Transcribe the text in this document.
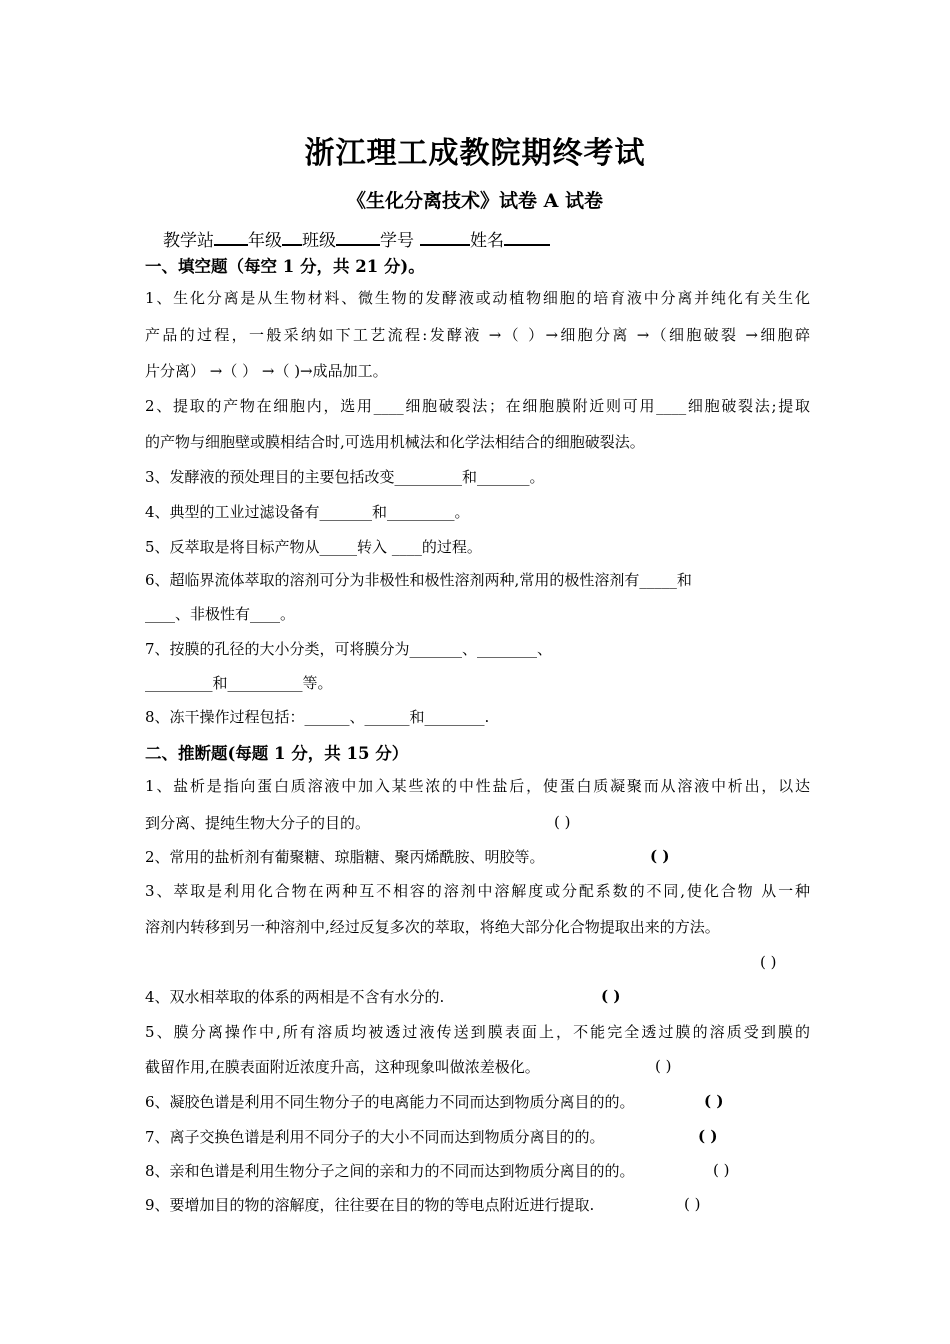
浙江理工成教院期终考试
《生化分离技术》试卷 A 试卷
教学站 年级 班级	学号	姓名
一、填空题（每空 1 分，共 21 分)。
1、生化分离是从生物材料、微生物的发酵液或动植物细胞的培育液中分离并纯化有关生化
产品的过程，一般采纳如下工艺流程:发酵液 →（ ）→细胞分离 →（细胞破裂 →细胞碎
片分离） →（ ） →（ )→成品加工。
2、提取的产物在细胞内，选用____细胞破裂法；在细胞膜附近则可用____细胞破裂法;提取
的产物与细胞壁或膜相结合时,可选用机械法和化学法相结合的细胞破裂法。
3、发酵液的预处理目的主要包括改变_________和_______。
4、典型的工业过滤设备有_______和_________。
5、反萃取是将目标产物从_____转入 ____的过程。
6、超临界流体萃取的溶剂可分为非极性和极性溶剂两种,常用的极性溶剂有_____和
____、非极性有____。
7、按膜的孔径的大小分类，可将膜分为_______、________、
_________和__________等。
8、冻干操作过程包括：______、______和________.
二、推断题(每题 1 分，共 15 分）
1、盐析是指向蛋白质溶液中加入某些浓的中性盐后，使蛋白质凝聚而从溶液中析出，以达
到分离、提纯生物大分子的目的。	( )
2、常用的盐析剂有葡聚糖、琼脂糖、聚丙烯酰胺、明胶等。	( )
3、萃取是利用化合物在两种互不相容的溶剂中溶解度或分配系数的不同,使化合物 从一种
溶剂内转移到另一种溶剂中,经过反复多次的萃取，将绝大部分化合物提取出来的方法。
( )
4、双水相萃取的体系的两相是不含有水分的.	( )
5、膜分离操作中,所有溶质均被透过液传送到膜表面上，不能完全透过膜的溶质受到膜的
截留作用,在膜表面附近浓度升高，这种现象叫做浓差极化。	( )
6、凝胶色谱是利用不同生物分子的电离能力不同而达到物质分离目的的。	( )
7、离子交换色谱是利用不同分子的大小不同而达到物质分离目的的。	( )
8、亲和色谱是利用生物分子之间的亲和力的不同而达到物质分离目的的。	( )
9、要增加目的物的溶解度，往往要在目的物的等电点附近进行提取.	( )
